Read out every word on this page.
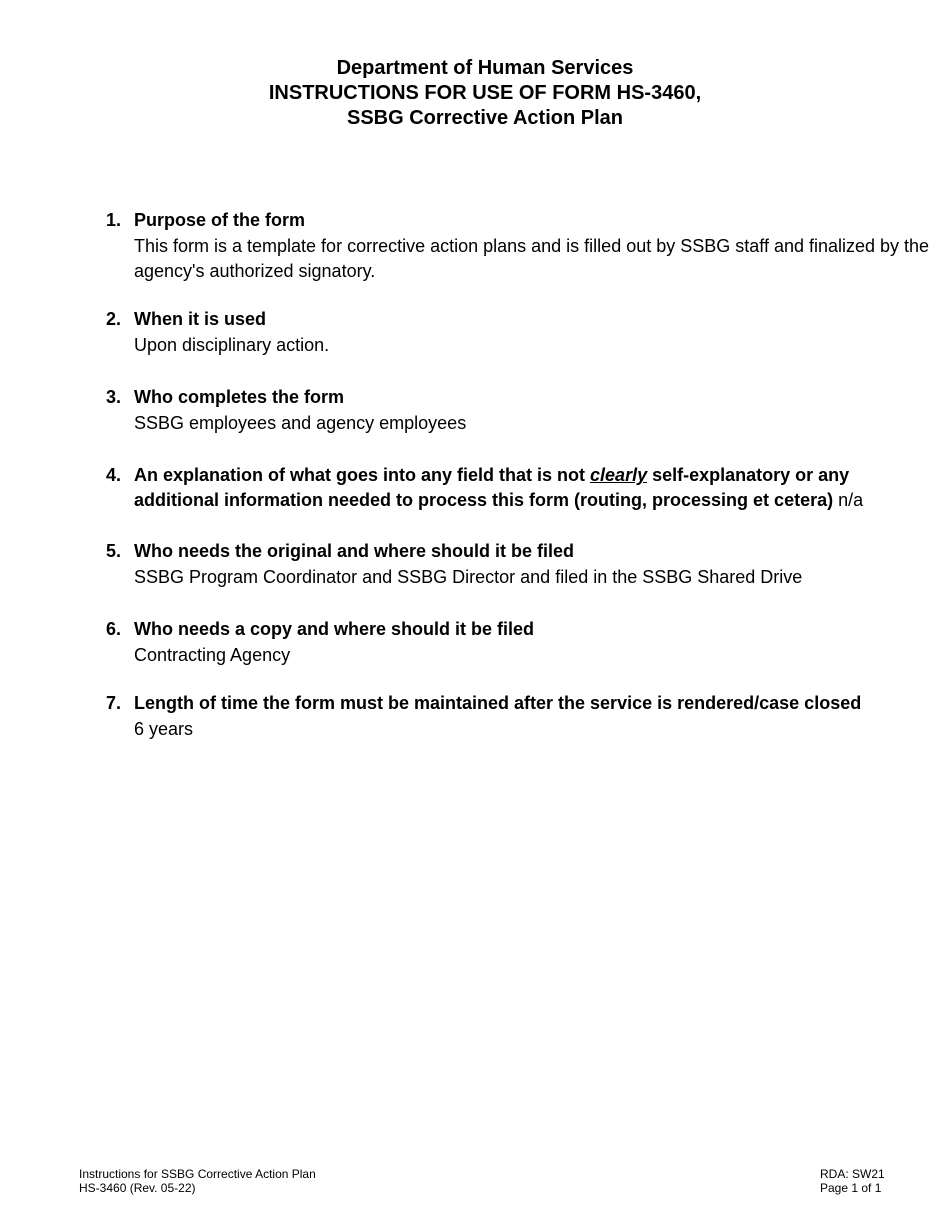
Department of Human Services
INSTRUCTIONS FOR USE OF FORM HS-3460,
SSBG Corrective Action Plan
1. Purpose of the form
This form is a template for corrective action plans and is filled out by SSBG staff and finalized by the agency's authorized signatory.
2. When it is used
Upon disciplinary action.
3. Who completes the form
SSBG employees and agency employees
4. An explanation of what goes into any field that is not clearly self-explanatory or any additional information needed to process this form (routing, processing et cetera) n/a
5. Who needs the original and where should it be filed
SSBG Program Coordinator and SSBG Director and filed in the SSBG Shared Drive
6. Who needs a copy and where should it be filed
Contracting Agency
7. Length of time the form must be maintained after the service is rendered/case closed
6 years
Instructions for SSBG Corrective Action Plan
HS-3460 (Rev. 05-22)
RDA: SW21
Page 1 of 1
